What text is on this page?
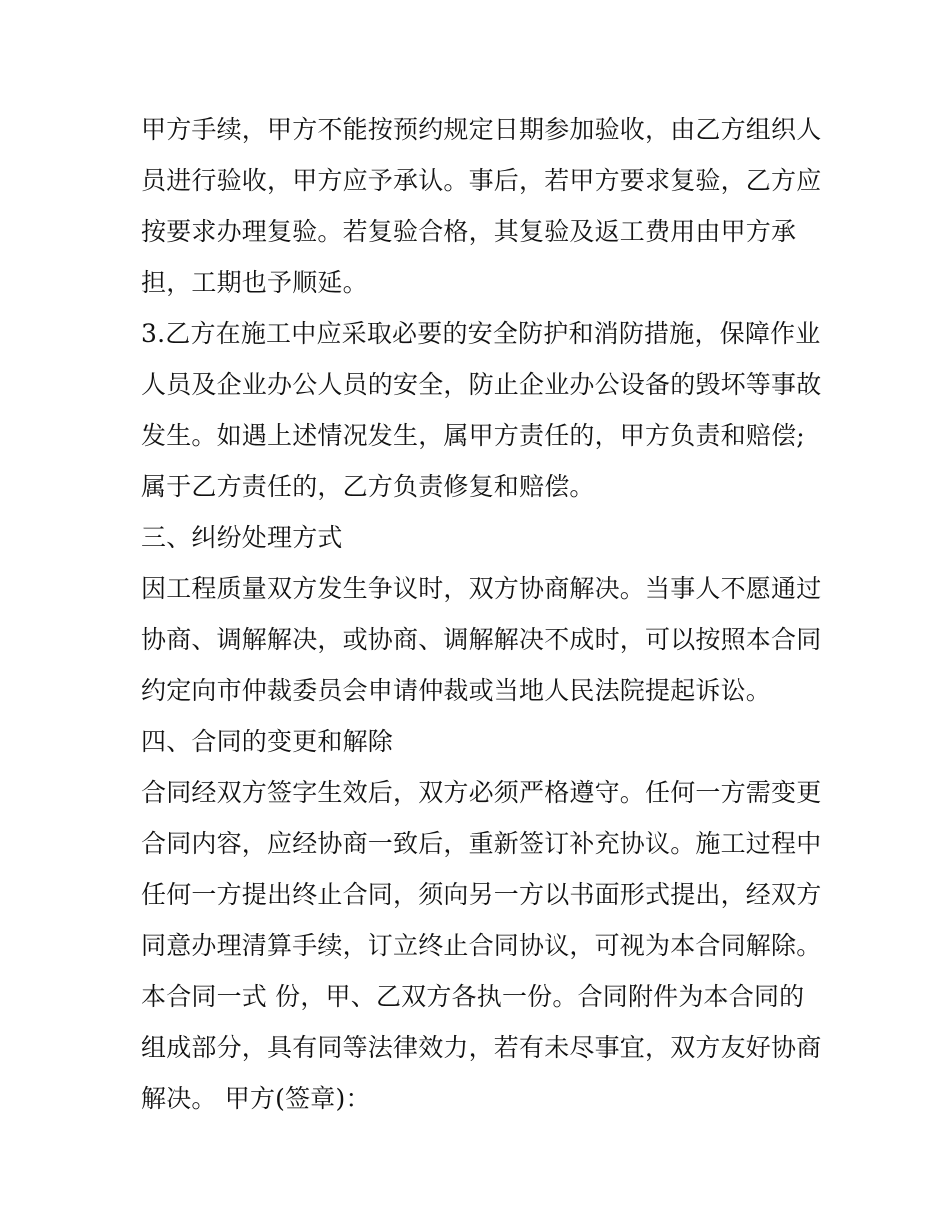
甲方手续，甲方不能按预约规定日期参加验收，由乙方组织人
员进行验收，甲方应予承认。事后，若甲方要求复验，乙方应
按要求办理复验。若复验合格，其复验及返工费用由甲方承
担，工期也予顺延。
3.乙方在施工中应采取必要的安全防护和消防措施，保障作业
人员及企业办公人员的安全，防止企业办公设备的毁坏等事故
发生。如遇上述情况发生，属甲方责任的，甲方负责和赔偿;
属于乙方责任的，乙方负责修复和赔偿。
三、纠纷处理方式
因工程质量双方发生争议时，双方协商解决。当事人不愿通过
协商、调解解决，或协商、调解解决不成时，可以按照本合同
约定向市仲裁委员会申请仲裁或当地人民法院提起诉讼。
四、合同的变更和解除
合同经双方签字生效后，双方必须严格遵守。任何一方需变更
合同内容，应经协商一致后，重新签订补充协议。施工过程中
任何一方提出终止合同，须向另一方以书面形式提出，经双方
同意办理清算手续，订立终止合同协议，可视为本合同解除。
本合同一式 份，甲、乙双方各执一份。合同附件为本合同的
组成部分，具有同等法律效力，若有未尽事宜，双方友好协商
解决。 甲方(签章)：
